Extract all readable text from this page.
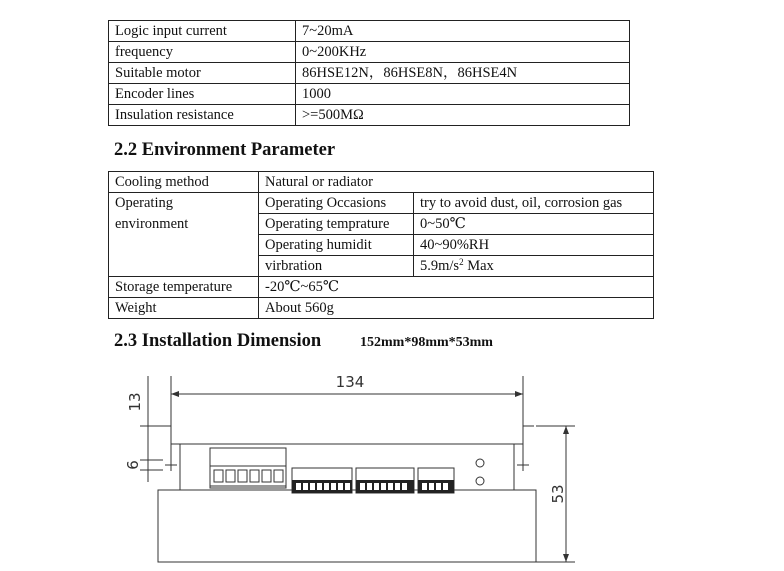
Logic input current	7~20mA
frequency	0~200KHz
Suitable motor	86HSE12N，86HSE8N，86HSE4N
Encoder lines	1000
Insulation resistance	>=500MΩ
2.2 Environment Parameter
Cooling method	Natural or radiator	
Operating
environment	Operating Occasions	try to avoid dust, oil, corrosion gas
	Operating temprature	0~50℃
	Operating humidit	40~90%RH
	virbration	$5.9m/s^2$ Max
Storage temperature	-20℃~65℃	
Weight	About 560g	
2.3 Installation Dimension	152mm*98mm*53mm
134
13
6
53
